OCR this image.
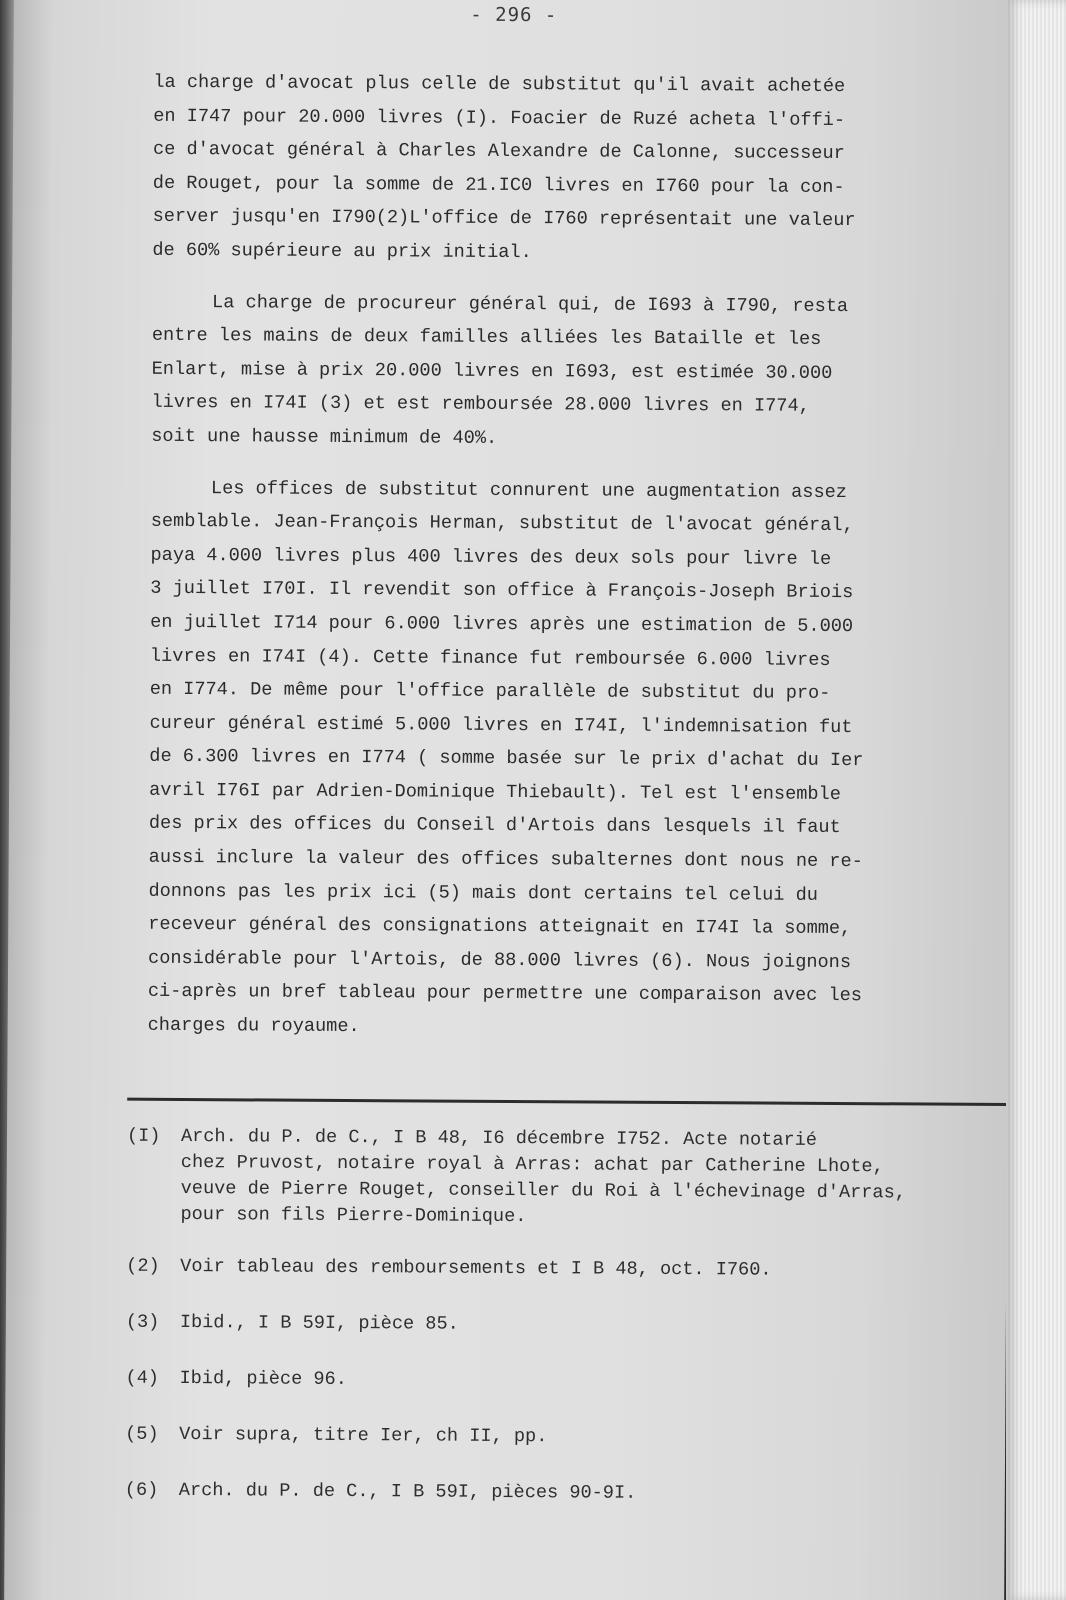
- 296 -

la charge d'avocat plus celle de substitut qu'il avait achetée
en I747 pour 20.000 livres (I). Foacier de Ruzé acheta l'offi-
ce d'avocat général à Charles Alexandre de Calonne, successeur
de Rouget, pour la somme de 21.IC0 livres en I760 pour la con-
server jusqu'en I790(2)L'office de I760 représentait une valeur
de 60% supérieure au prix initial.

La charge de procureur général qui, de I693 à I790, resta
entre les mains de deux familles alliées les Bataille et les
Enlart, mise à prix 20.000 livres en I693, est estimée 30.000
livres en I74I (3) et est remboursée 28.000 livres en I774,
soit une hausse minimum de 40%.

Les offices de substitut connurent une augmentation assez
semblable. Jean-François Herman, substitut de l'avocat général,
paya 4.000 livres plus 400 livres des deux sols pour livre le
3 juillet I70I. Il revendit son office à François-Joseph Briois
en juillet I714 pour 6.000 livres après une estimation de 5.000
livres en I74I (4). Cette finance fut remboursée 6.000 livres
en I774. De même pour l'office parallèle de substitut du pro-
cureur général estimé 5.000 livres en I74I, l'indemnisation fut
de 6.300 livres en I774 ( somme basée sur le prix d'achat du Ier
avril I76I par Adrien-Dominique Thiebault). Tel est l'ensemble
des prix des offices du Conseil d'Artois dans lesquels il faut
aussi inclure la valeur des offices subalternes dont nous ne re-
donnons pas les prix ici (5) mais dont certains tel celui du
receveur général des consignations atteignait en I74I la somme,
considérable pour l'Artois, de 88.000 livres (6). Nous joignons
ci-après un bref tableau pour permettre une comparaison avec les
charges du royaume.

(I)	Arch. du P. de C., I B 48, I6 décembre I752. Acte notarié
chez Pruvost, notaire royal à Arras: achat par Catherine Lhote,
veuve de Pierre Rouget, conseiller du Roi à l'échevinage d'Arras,
pour son fils Pierre-Dominique.
(2)	Voir tableau des remboursements et I B 48, oct. I760.
(3)	Ibid., I B 59I, pièce 85.
(4)	Ibid, pièce 96.
(5)	Voir supra, titre Ier, ch II, pp.
(6)	Arch. du P. de C., I B 59I, pièces 90-9I.
